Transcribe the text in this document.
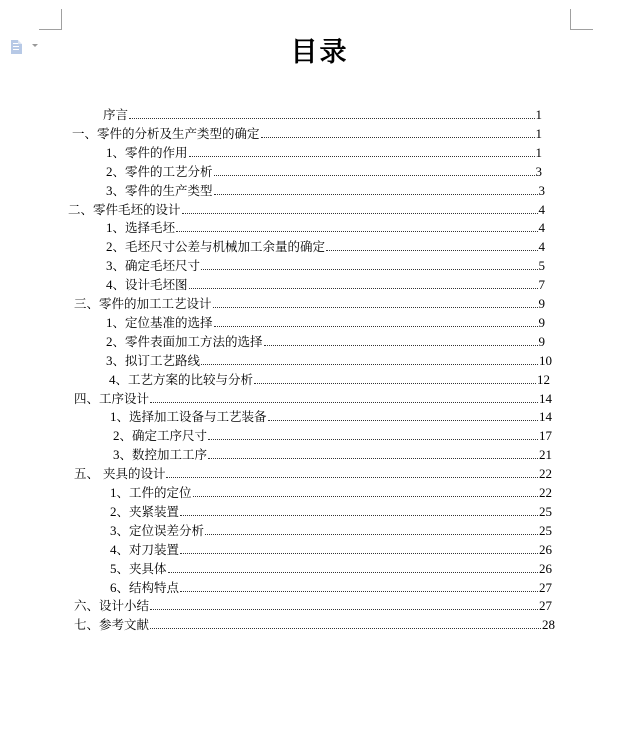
目录
序言	1
一、零件的分析及生产类型的确定	1
1、零件的作用	1
2、零件的工艺分析	3
3、零件的生产类型	3
二、零件毛坯的设计	4
1、选择毛坯	4
2、毛坯尺寸公差与机械加工余量的确定	4
3、确定毛坯尺寸	5
4、设计毛坯图	7
三、零件的加工工艺设计	9
1、定位基准的选择	9
2、零件表面加工方法的选择	9
3、拟订工艺路线	10
4、工艺方案的比较与分析	12
四、工序设计	14
1、选择加工设备与工艺装备	14
2、确定工序尺寸	17
3、数控加工工序	21
五、 夹具的设计	22
1、工件的定位	22
2、夹紧装置	25
3、定位误差分析	25
4、对刀装置	26
5、夹具体	26
6、结构特点	27
六、设计小结	27
七、参考文献	28
